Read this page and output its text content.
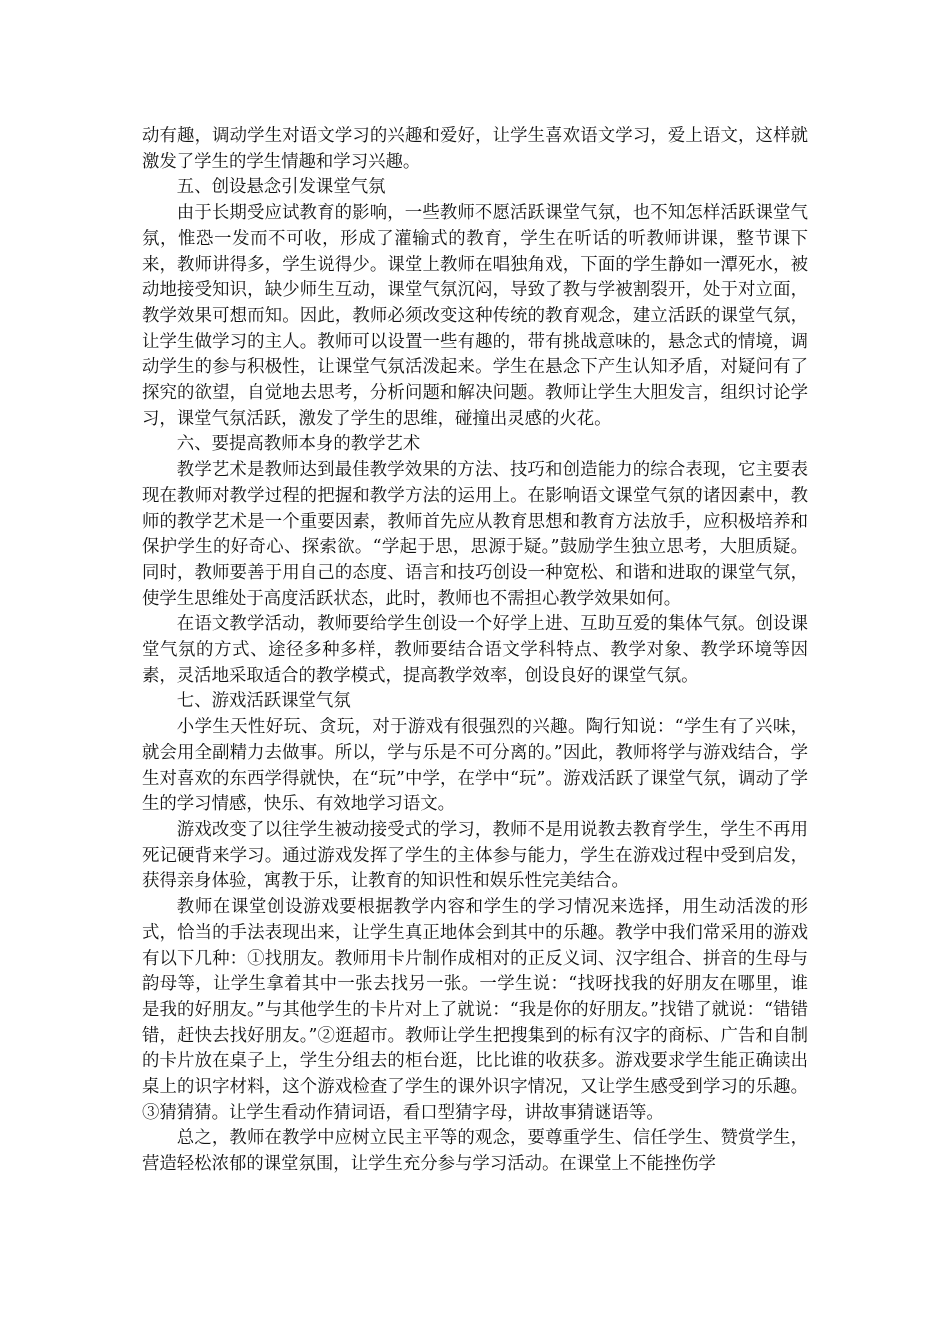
动有趣，调动学生对语文学习的兴趣和爱好，让学生喜欢语文学习，爱上语文，这样就激发了学生的学生情趣和学习兴趣。

五、创设悬念引发课堂气氛

由于长期受应试教育的影响，一些教师不愿活跃课堂气氛，也不知怎样活跃课堂气氛，惟恐一发而不可收，形成了灌输式的教育，学生在听话的听教师讲课，整节课下来，教师讲得多，学生说得少。课堂上教师在唱独角戏，下面的学生静如一潭死水，被动地接受知识，缺少师生互动，课堂气氛沉闷，导致了教与学被割裂开，处于对立面，教学效果可想而知。因此，教师必须改变这种传统的教育观念，建立活跃的课堂气氛，让学生做学习的主人。教师可以设置一些有趣的，带有挑战意味的，悬念式的情境，调动学生的参与积极性，让课堂气氛活泼起来。学生在悬念下产生认知矛盾，对疑问有了探究的欲望，自觉地去思考，分析问题和解决问题。教师让学生大胆发言，组织讨论学习，课堂气氛活跃，激发了学生的思维，碰撞出灵感的火花。

六、要提高教师本身的教学艺术

教学艺术是教师达到最佳教学效果的方法、技巧和创造能力的综合表现，它主要表现在教师对教学过程的把握和教学方法的运用上。在影响语文课堂气氛的诸因素中，教师的教学艺术是一个重要因素，教师首先应从教育思想和教育方法放手，应积极培养和保护学生的好奇心、探索欲。“学起于思，思源于疑。”鼓励学生独立思考，大胆质疑。同时，教师要善于用自己的态度、语言和技巧创设一种宽松、和谐和进取的课堂气氛，使学生思维处于高度活跃状态，此时，教师也不需担心教学效果如何。

在语文教学活动，教师要给学生创设一个好学上进、互助互爱的集体气氛。创设课堂气氛的方式、途径多种多样，教师要结合语文学科特点、教学对象、教学环境等因素，灵活地采取适合的教学模式，提高教学效率，创设良好的课堂气氛。

七、游戏活跃课堂气氛

小学生天性好玩、贪玩，对于游戏有很强烈的兴趣。陶行知说：“学生有了兴味，就会用全副精力去做事。所以，学与乐是不可分离的。”因此，教师将学与游戏结合，学生对喜欢的东西学得就快，在“玩”中学，在学中“玩”。游戏活跃了课堂气氛，调动了学生的学习情感，快乐、有效地学习语文。

游戏改变了以往学生被动接受式的学习，教师不是用说教去教育学生，学生不再用死记硬背来学习。通过游戏发挥了学生的主体参与能力，学生在游戏过程中受到启发，获得亲身体验，寓教于乐，让教育的知识性和娱乐性完美结合。

教师在课堂创设游戏要根据教学内容和学生的学习情况来选择，用生动活泼的形式，恰当的手法表现出来，让学生真正地体会到其中的乐趣。教学中我们常采用的游戏有以下几种：①找朋友。教师用卡片制作成相对的正反义词、汉字组合、拼音的生母与韵母等，让学生拿着其中一张去找另一张。一学生说：“找呀找我的好朋友在哪里，谁是我的好朋友。”与其他学生的卡片对上了就说：“我是你的好朋友。”找错了就说：“错错错，赶快去找好朋友。”②逛超市。教师让学生把搜集到的标有汉字的商标、广告和自制的卡片放在桌子上，学生分组去的柜台逛，比比谁的收获多。游戏要求学生能正确读出桌上的识字材料，这个游戏检查了学生的课外识字情况，又让学生感受到学习的乐趣。③猜猜猜。让学生看动作猜词语，看口型猜字母，讲故事猜谜语等。

总之，教师在教学中应树立民主平等的观念，要尊重学生、信任学生、赞赏学生，营造轻松浓郁的课堂氛围，让学生充分参与学习活动。在课堂上不能挫伤学
